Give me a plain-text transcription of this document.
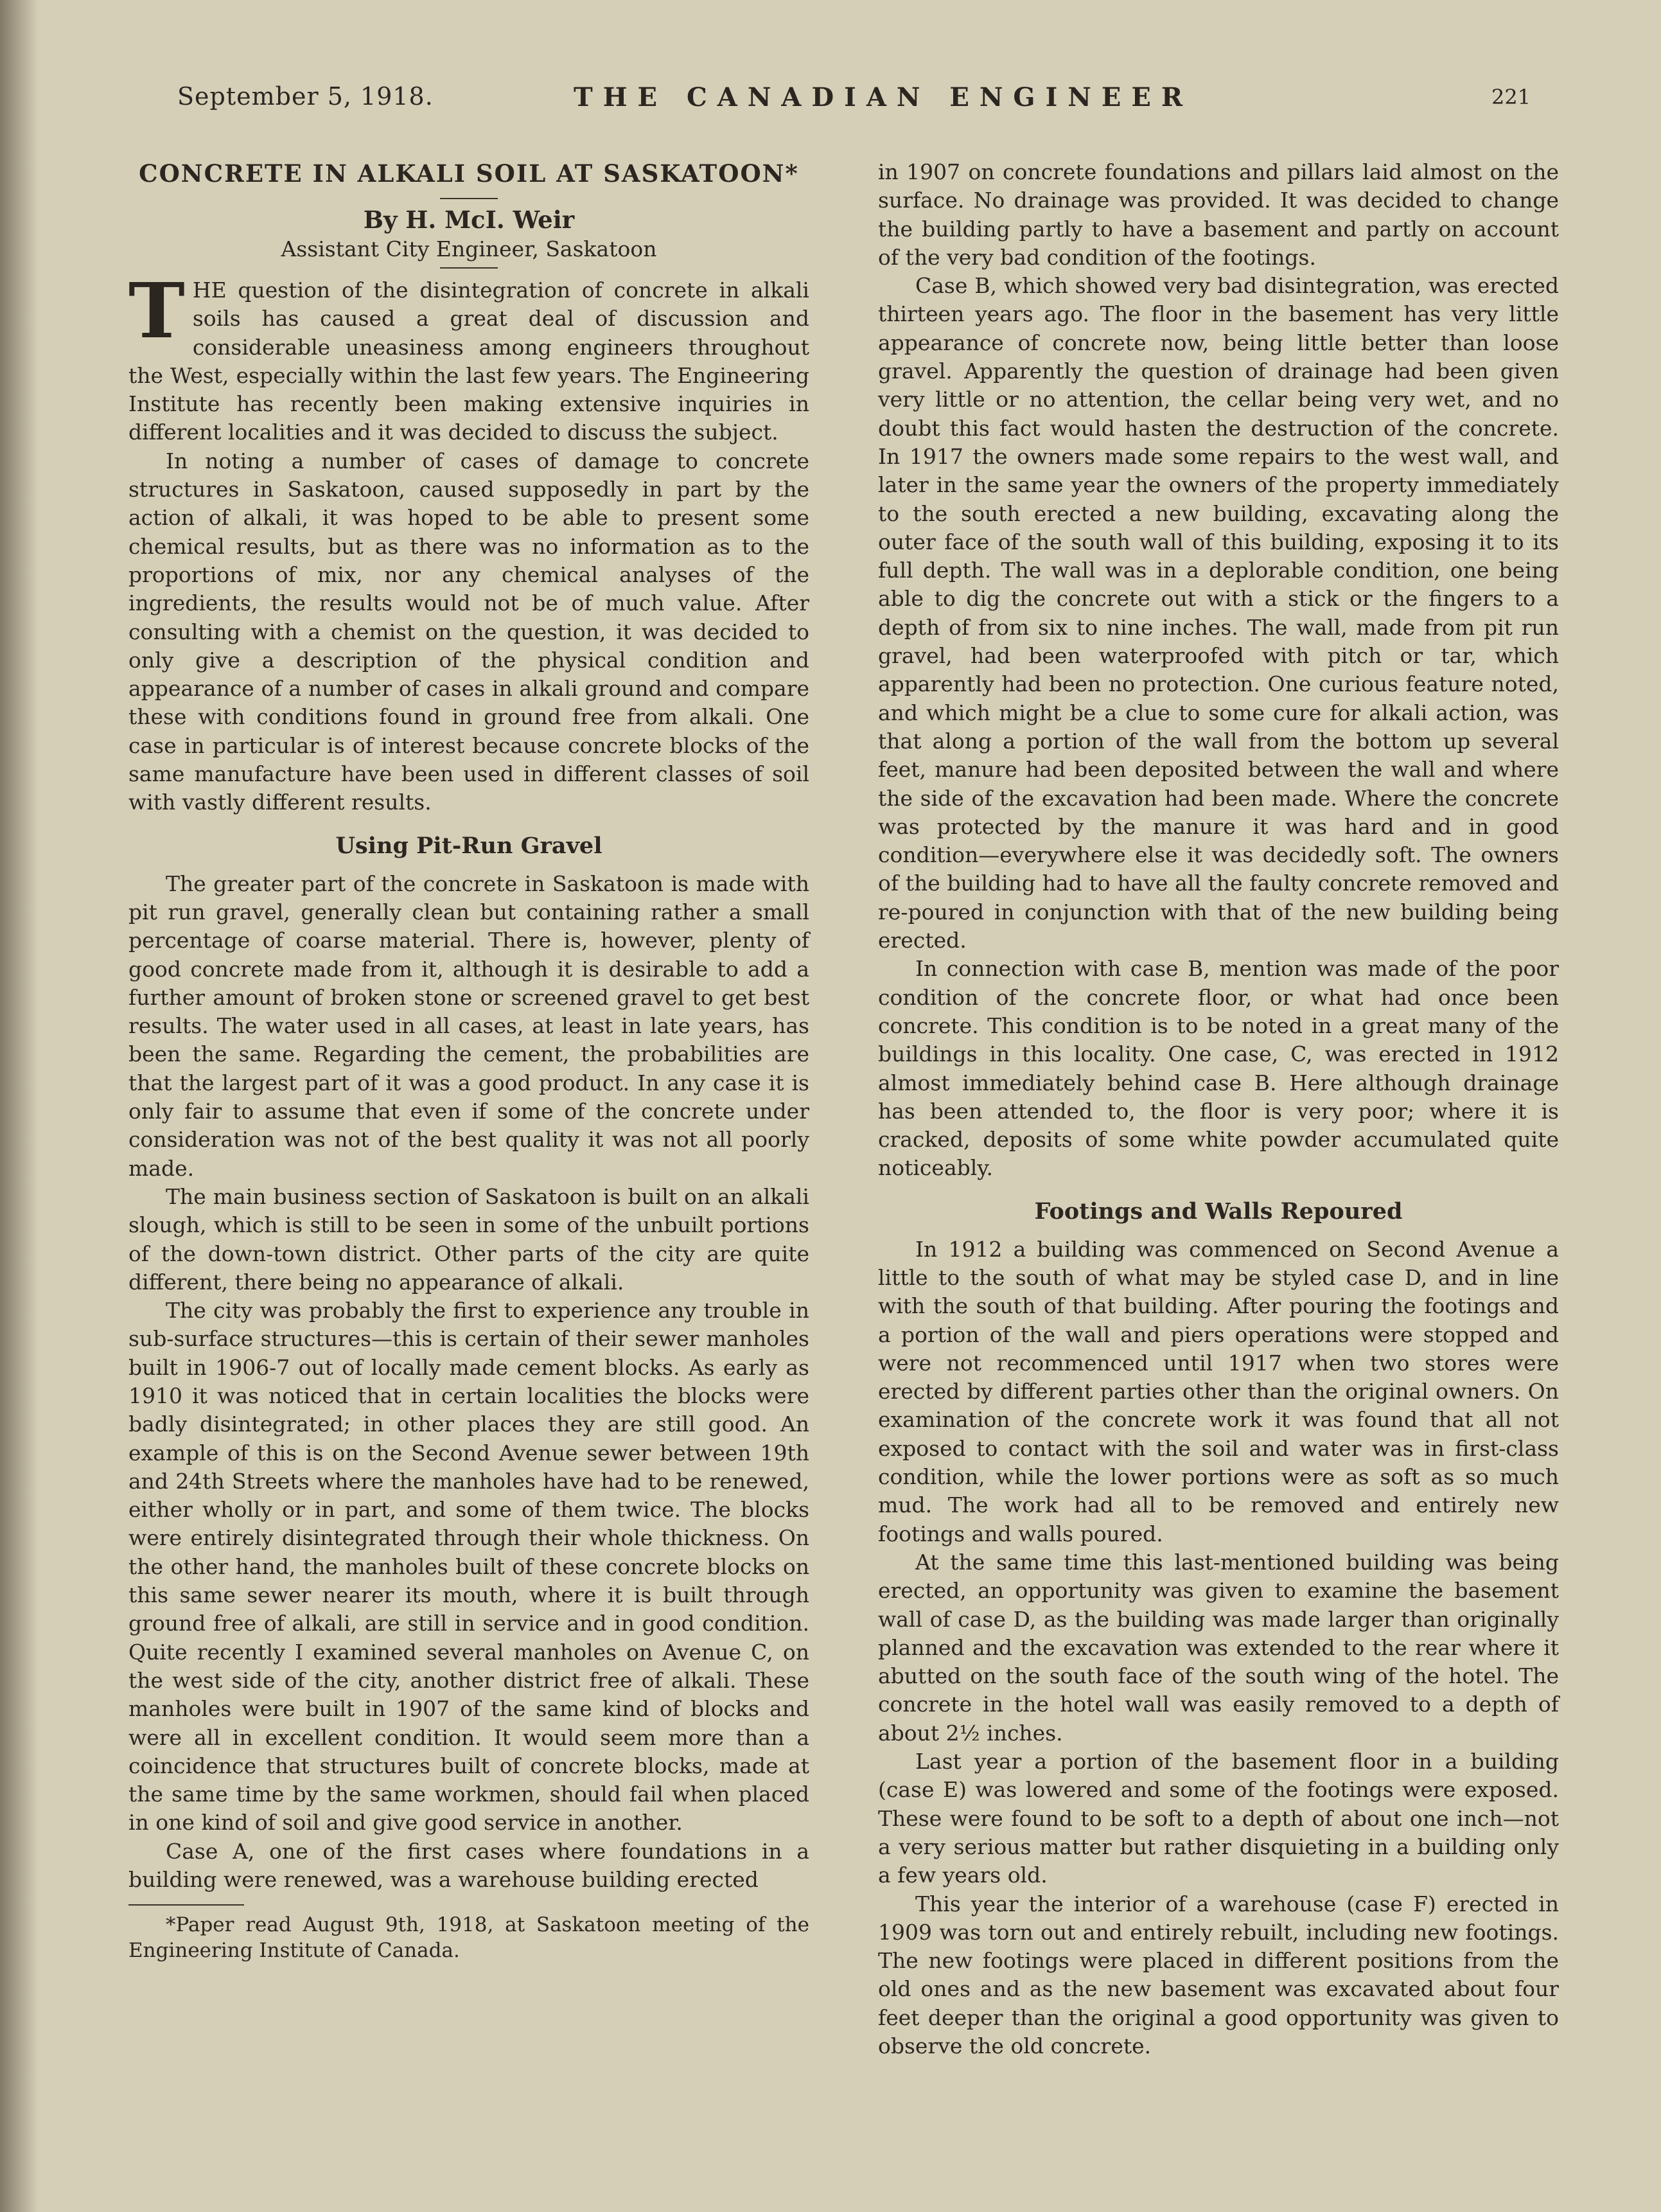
September 5, 1918.	THE CANADIAN ENGINEER	221
CONCRETE IN ALKALI SOIL AT SASKATOON*
By H. McI. Weir
Assistant City Engineer, Saskatoon

THE question of the disintegration of concrete in alkali soils has caused a great deal of discussion and considerable uneasiness among engineers throughout the West, especially within the last few years. The Engineering Institute has recently been making extensive inquiries in different localities and it was decided to discuss the subject.

In noting a number of cases of damage to concrete structures in Saskatoon, caused supposedly in part by the action of alkali, it was hoped to be able to present some chemical results, but as there was no information as to the proportions of mix, nor any chemical analyses of the ingredients, the results would not be of much value. After consulting with a chemist on the question, it was decided to only give a description of the physical condition and appearance of a number of cases in alkali ground and compare these with conditions found in ground free from alkali. One case in particular is of interest because concrete blocks of the same manufacture have been used in different classes of soil with vastly different results.

Using Pit-Run Gravel

The greater part of the concrete in Saskatoon is made with pit run gravel, generally clean but containing rather a small percentage of coarse material. There is, however, plenty of good concrete made from it, although it is desirable to add a further amount of broken stone or screened gravel to get best results. The water used in all cases, at least in late years, has been the same. Regarding the cement, the probabilities are that the largest part of it was a good product. In any case it is only fair to assume that even if some of the concrete under consideration was not of the best quality it was not all poorly made.

The main business section of Saskatoon is built on an alkali slough, which is still to be seen in some of the unbuilt portions of the down-town district. Other parts of the city are quite different, there being no appearance of alkali.

The city was probably the first to experience any trouble in sub-surface structures—this is certain of their sewer manholes built in 1906-7 out of locally made cement blocks. As early as 1910 it was noticed that in certain localities the blocks were badly disintegrated; in other places they are still good. An example of this is on the Second Avenue sewer between 19th and 24th Streets where the manholes have had to be renewed, either wholly or in part, and some of them twice. The blocks were entirely disintegrated through their whole thickness. On the other hand, the manholes built of these concrete blocks on this same sewer nearer its mouth, where it is built through ground free of alkali, are still in service and in good condition. Quite recently I examined several manholes on Avenue C, on the west side of the city, another district free of alkali. These manholes were built in 1907 of the same kind of blocks and were all in excellent condition. It would seem more than a coincidence that structures built of concrete blocks, made at the same time by the same workmen, should fail when placed in one kind of soil and give good service in another.

Case A, one of the first cases where foundations in a building were renewed, was a warehouse building erected

*Paper read August 9th, 1918, at Saskatoon meeting of the Engineering Institute of Canada.

in 1907 on concrete foundations and pillars laid almost on the surface. No drainage was provided. It was decided to change the building partly to have a basement and partly on account of the very bad condition of the footings.

Case B, which showed very bad disintegration, was erected thirteen years ago. The floor in the basement has very little appearance of concrete now, being little better than loose gravel. Apparently the question of drainage had been given very little or no attention, the cellar being very wet, and no doubt this fact would hasten the destruction of the concrete. In 1917 the owners made some repairs to the west wall, and later in the same year the owners of the property immediately to the south erected a new building, excavating along the outer face of the south wall of this building, exposing it to its full depth. The wall was in a deplorable condition, one being able to dig the concrete out with a stick or the fingers to a depth of from six to nine inches. The wall, made from pit run gravel, had been waterproofed with pitch or tar, which apparently had been no protection. One curious feature noted, and which might be a clue to some cure for alkali action, was that along a portion of the wall from the bottom up several feet, manure had been deposited between the wall and where the side of the excavation had been made. Where the concrete was protected by the manure it was hard and in good condition—everywhere else it was decidedly soft. The owners of the building had to have all the faulty concrete removed and re-poured in conjunction with that of the new building being erected.

In connection with case B, mention was made of the poor condition of the concrete floor, or what had once been concrete. This condition is to be noted in a great many of the buildings in this locality. One case, C, was erected in 1912 almost immediately behind case B. Here although drainage has been attended to, the floor is very poor; where it is cracked, deposits of some white powder accumulated quite noticeably.

Footings and Walls Repoured

In 1912 a building was commenced on Second Avenue a little to the south of what may be styled case D, and in line with the south of that building. After pouring the footings and a portion of the wall and piers operations were stopped and were not recommenced until 1917 when two stores were erected by different parties other than the original owners. On examination of the concrete work it was found that all not exposed to contact with the soil and water was in first-class condition, while the lower portions were as soft as so much mud. The work had all to be removed and entirely new footings and walls poured.

At the same time this last-mentioned building was being erected, an opportunity was given to examine the basement wall of case D, as the building was made larger than originally planned and the excavation was extended to the rear where it abutted on the south face of the south wing of the hotel. The concrete in the hotel wall was easily removed to a depth of about 2½ inches.

Last year a portion of the basement floor in a building (case E) was lowered and some of the footings were exposed. These were found to be soft to a depth of about one inch—not a very serious matter but rather disquieting in a building only a few years old.

This year the interior of a warehouse (case F) erected in 1909 was torn out and entirely rebuilt, including new footings. The new footings were placed in different positions from the old ones and as the new basement was excavated about four feet deeper than the original a good opportunity was given to observe the old concrete.
